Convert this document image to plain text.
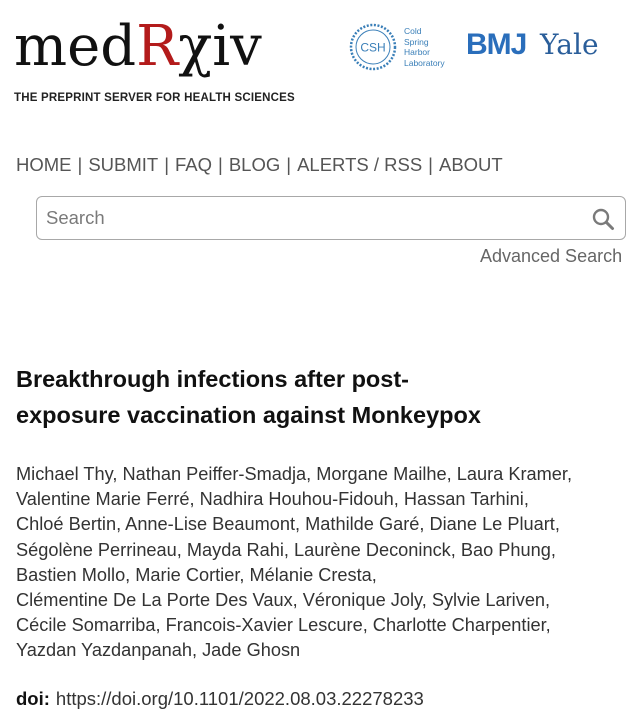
medRχiv
THE PREPRINT SERVER FOR HEALTH SCIENCES
CSH
Cold
Spring
Harbor
Laboratory
BMJ Yale
HOME | SUBMIT | FAQ | BLOG | ALERTS / RSS | ABOUT
Search
Advanced Search
Breakthrough infections after post-
exposure vaccination against Monkeypox
Michael Thy, Nathan Peiffer-Smadja, Morgane Mailhe, Laura Kramer,
Valentine Marie Ferré, Nadhira Houhou-Fidouh, Hassan Tarhini,
Chloé Bertin, Anne-Lise Beaumont, Mathilde Garé, Diane Le Pluart,
Ségolène Perrineau, Mayda Rahi, Laurène Deconinck, Bao Phung,
Bastien Mollo, Marie Cortier, Mélanie Cresta,
Clémentine De La Porte Des Vaux, Véronique Joly, Sylvie Lariven,
Cécile Somarriba, Francois-Xavier Lescure, Charlotte Charpentier,
Yazdan Yazdanpanah, Jade Ghosn
doi: https://doi.org/10.1101/2022.08.03.22278233
